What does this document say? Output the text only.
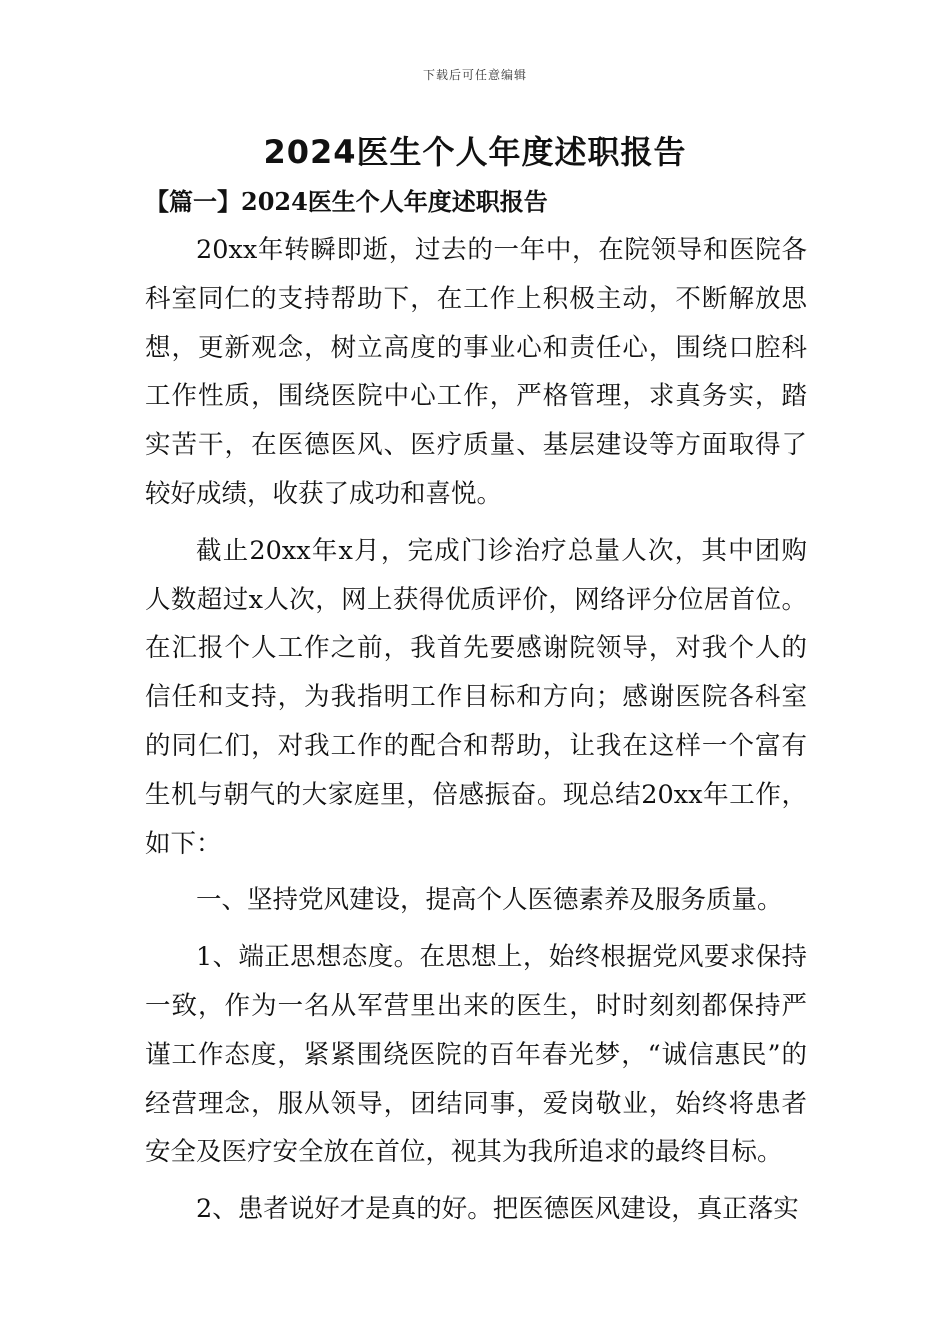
下载后可任意编辑
2024医生个人年度述职报告
【篇一】2024医生个人年度述职报告

20xx年转瞬即逝，过去的一年中，在院领导和医院各科室同仁的支持帮助下，在工作上积极主动，不断解放思想，更新观念，树立高度的事业心和责任心，围绕口腔科工作性质，围绕医院中心工作，严格管理，求真务实，踏实苦干，在医德医风、医疗质量、基层建设等方面取得了较好成绩，收获了成功和喜悦。

截止20xx年x月，完成门诊治疗总量人次，其中团购人数超过x人次，网上获得优质评价，网络评分位居首位。在汇报个人工作之前，我首先要感谢院领导，对我个人的信任和支持，为我指明工作目标和方向；感谢医院各科室的同仁们，对我工作的配合和帮助，让我在这样一个富有生机与朝气的大家庭里，倍感振奋。现总结20xx年工作，如下：

一、坚持党风建设，提高个人医德素养及服务质量。

1、端正思想态度。在思想上，始终根据党风要求保持一致，作为一名从军营里出来的医生，时时刻刻都保持严谨工作态度，紧紧围绕医院的百年春光梦，“诚信惠民”的经营理念，服从领导，团结同事，爱岗敬业，始终将患者安全及医疗安全放在首位，视其为我所追求的最终目标。

2、患者说好才是真的好。把医德医风建设，真正落实
